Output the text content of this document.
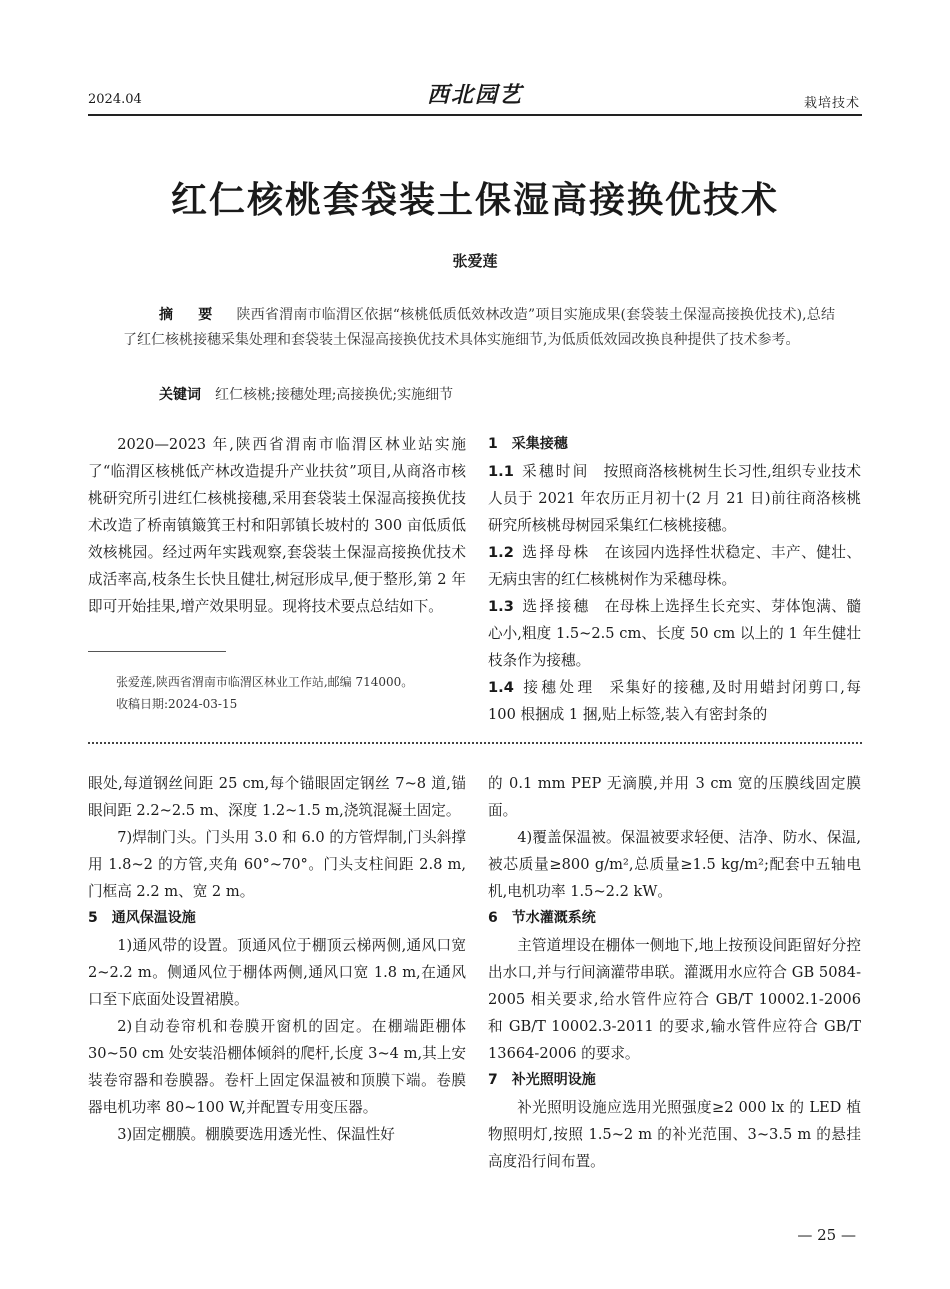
2024.04	西北园艺	栽培技术
红仁核桃套袋装土保湿高接换优技术
张爱莲
摘 要 陕西省渭南市临渭区依据“核桃低质低效林改造”项目实施成果(套袋装土保湿高接换优技术),总结了红仁核桃接穗采集处理和套袋装土保湿高接换优技术具体实施细节,为低质低效园改换良种提供了技术参考。
关键词 红仁核桃;接穗处理;高接换优;实施细节

2020—2023 年,陕西省渭南市临渭区林业站实施了“临渭区核桃低产林改造提升产业扶贫”项目,从商洛市核桃研究所引进红仁核桃接穗,采用套袋装土保湿高接换优技术改造了桥南镇簸箕王村和阳郭镇长坡村的 300 亩低质低效核桃园。经过两年实践观察,套袋装土保湿高接换优技术成活率高,枝条生长快且健壮,树冠形成早,便于整形,第 2 年即可开始挂果,增产效果明显。现将技术要点总结如下。

张爱莲,陕西省渭南市临渭区林业工作站,邮编 714000。
收稿日期:2024-03-15
1 采集接穗

1.1 采穗时间 按照商洛核桃树生长习性,组织专业技术人员于 2021 年农历正月初十(2 月 21 日)前往商洛核桃研究所核桃母树园采集红仁核桃接穗。

1.2 选择母株 在该园内选择性状稳定、丰产、健壮、无病虫害的红仁核桃树作为采穗母株。

1.3 选择接穗 在母株上选择生长充实、芽体饱满、髓心小,粗度 1.5~2.5 cm、长度 50 cm 以上的 1 年生健壮枝条作为接穗。

1.4 接穗处理 采集好的接穗,及时用蜡封闭剪口,每 100 根捆成 1 捆,贴上标签,装入有密封条的

眼处,每道钢丝间距 25 cm,每个锚眼固定钢丝 7~8 道,锚眼间距 2.2~2.5 m、深度 1.2~1.5 m,浇筑混凝土固定。

7)焊制门头。门头用 3.0 和 6.0 的方管焊制,门头斜撑用 1.8~2 的方管,夹角 60°~70°。门头支柱间距 2.8 m,门框高 2.2 m、宽 2 m。

5 通风保温设施

1)通风带的设置。顶通风位于棚顶云梯两侧,通风口宽 2~2.2 m。侧通风位于棚体两侧,通风口宽 1.8 m,在通风口至下底面处设置裙膜。

2)自动卷帘机和卷膜开窗机的固定。在棚端距棚体 30~50 cm 处安装沿棚体倾斜的爬杆,长度 3~4 m,其上安装卷帘器和卷膜器。卷杆上固定保温被和顶膜下端。卷膜器电机功率 80~100 W,并配置专用变压器。

3)固定棚膜。棚膜要选用透光性、保温性好

的 0.1 mm PEP 无滴膜,并用 3 cm 宽的压膜线固定膜面。

4)覆盖保温被。保温被要求轻便、洁净、防水、保温,被芯质量≥800 g/m²,总质量≥1.5 kg/m²;配套中五轴电机,电机功率 1.5~2.2 kW。

6 节水灌溉系统

主管道埋设在棚体一侧地下,地上按预设间距留好分控出水口,并与行间滴灌带串联。灌溉用水应符合 GB 5084-2005 相关要求,给水管件应符合 GB/T 10002.1-2006 和 GB/T 10002.3-2011 的要求,输水管件应符合 GB/T 13664-2006 的要求。

7 补光照明设施

补光照明设施应选用光照强度≥2 000 lx 的 LED 植物照明灯,按照 1.5~2 m 的补光范围、3~3.5 m 的悬挂高度沿行间布置。

— 25 —
